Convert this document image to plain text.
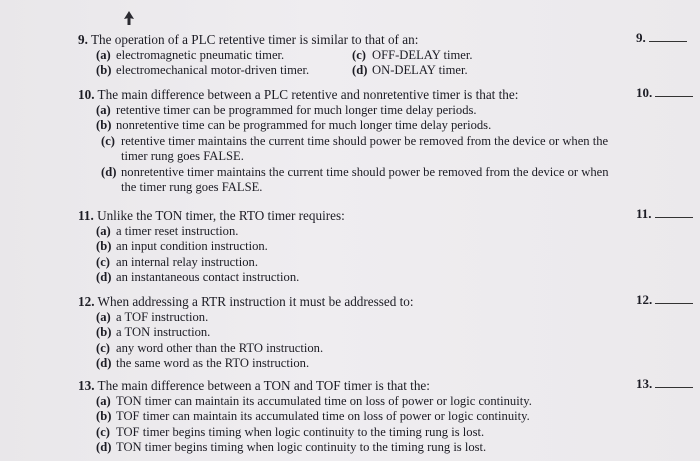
9. The operation of a PLC retentive timer is similar to that of an:
(a) electromagnetic pneumatic timer.	(c) OFF-DELAY timer.
(b) electromechanical motor-driven timer.	(d) ON-DELAY timer.
9.
10. The main difference between a PLC retentive and nonretentive timer is that the:
(a) retentive timer can be programmed for much longer time delay periods.
(b) nonretentive time can be programmed for much longer time delay periods.
(c) retentive timer maintains the current time should power be removed from the device or when the timer rung goes FALSE.
(d) nonretentive timer maintains the current time should power be removed from the device or when the timer rung goes FALSE.
10.
11. Unlike the TON timer, the RTO timer requires:
(a) a timer reset instruction.
(b) an input condition instruction.
(c) an internal relay instruction.
(d) an instantaneous contact instruction.
11.
12. When addressing a RTR instruction it must be addressed to:
(a) a TOF instruction.
(b) a TON instruction.
(c) any word other than the RTO instruction.
(d) the same word as the RTO instruction.
12.
13. The main difference between a TON and TOF timer is that the:
(a) TON timer can maintain its accumulated time on loss of power or logic continuity.
(b) TOF timer can maintain its accumulated time on loss of power or logic continuity.
(c) TOF timer begins timing when logic continuity to the timing rung is lost.
(d) TON timer begins timing when logic continuity to the timing rung is lost.
13.
